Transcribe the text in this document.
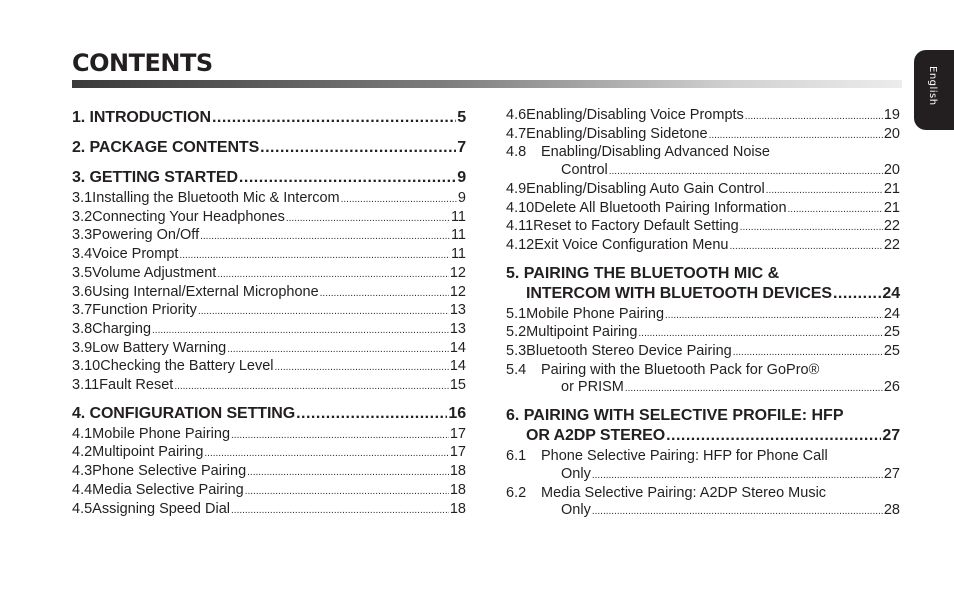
CONTENTS
English
1. INTRODUCTION .....	5
2. PACKAGE CONTENTS .....	7
3. GETTING STARTED .....	9
3.1 Installing the Bluetooth Mic & Intercom .....	9
3.2 Connecting Your Headphones .....	11
3.3 Powering On/Off .....	11
3.4 Voice Prompt .....	11
3.5 Volume Adjustment .....	12
3.6 Using Internal/External Microphone .....	12
3.7 Function Priority .....	13
3.8 Charging .....	13
3.9 Low Battery Warning .....	14
3.10 Checking the Battery Level .....	14
3.11 Fault Reset .....	15
4. CONFIGURATION SETTING .....	16
4.1 Mobile Phone Pairing .....	17
4.2 Multipoint Pairing .....	17
4.3 Phone Selective Pairing .....	18
4.4 Media Selective Pairing .....	18
4.5 Assigning Speed Dial .....	18
4.6 Enabling/Disabling Voice Prompts .....	19
4.7 Enabling/Disabling Sidetone .....	20
4.8 Enabling/Disabling Advanced Noise
Control .....	20
4.9 Enabling/Disabling Auto Gain Control .....	21
4.10 Delete All Bluetooth Pairing Information .....	21
4.11 Reset to Factory Default Setting .....	22
4.12 Exit Voice Configuration Menu .....	22
5. PAIRING THE BLUETOOTH MIC &
INTERCOM WITH BLUETOOTH DEVICES .....	24
5.1 Mobile Phone Pairing .....	24
5.2 Multipoint Pairing .....	25
5.3 Bluetooth Stereo Device Pairing .....	25
5.4 Pairing with the Bluetooth Pack for GoPro®
or PRISM .....	26
6. PAIRING WITH SELECTIVE PROFILE: HFP
OR A2DP STEREO .....	27
6.1 Phone Selective Pairing: HFP for Phone Call
Only .....	27
6.2 Media Selective Pairing: A2DP Stereo Music
Only .....	28
